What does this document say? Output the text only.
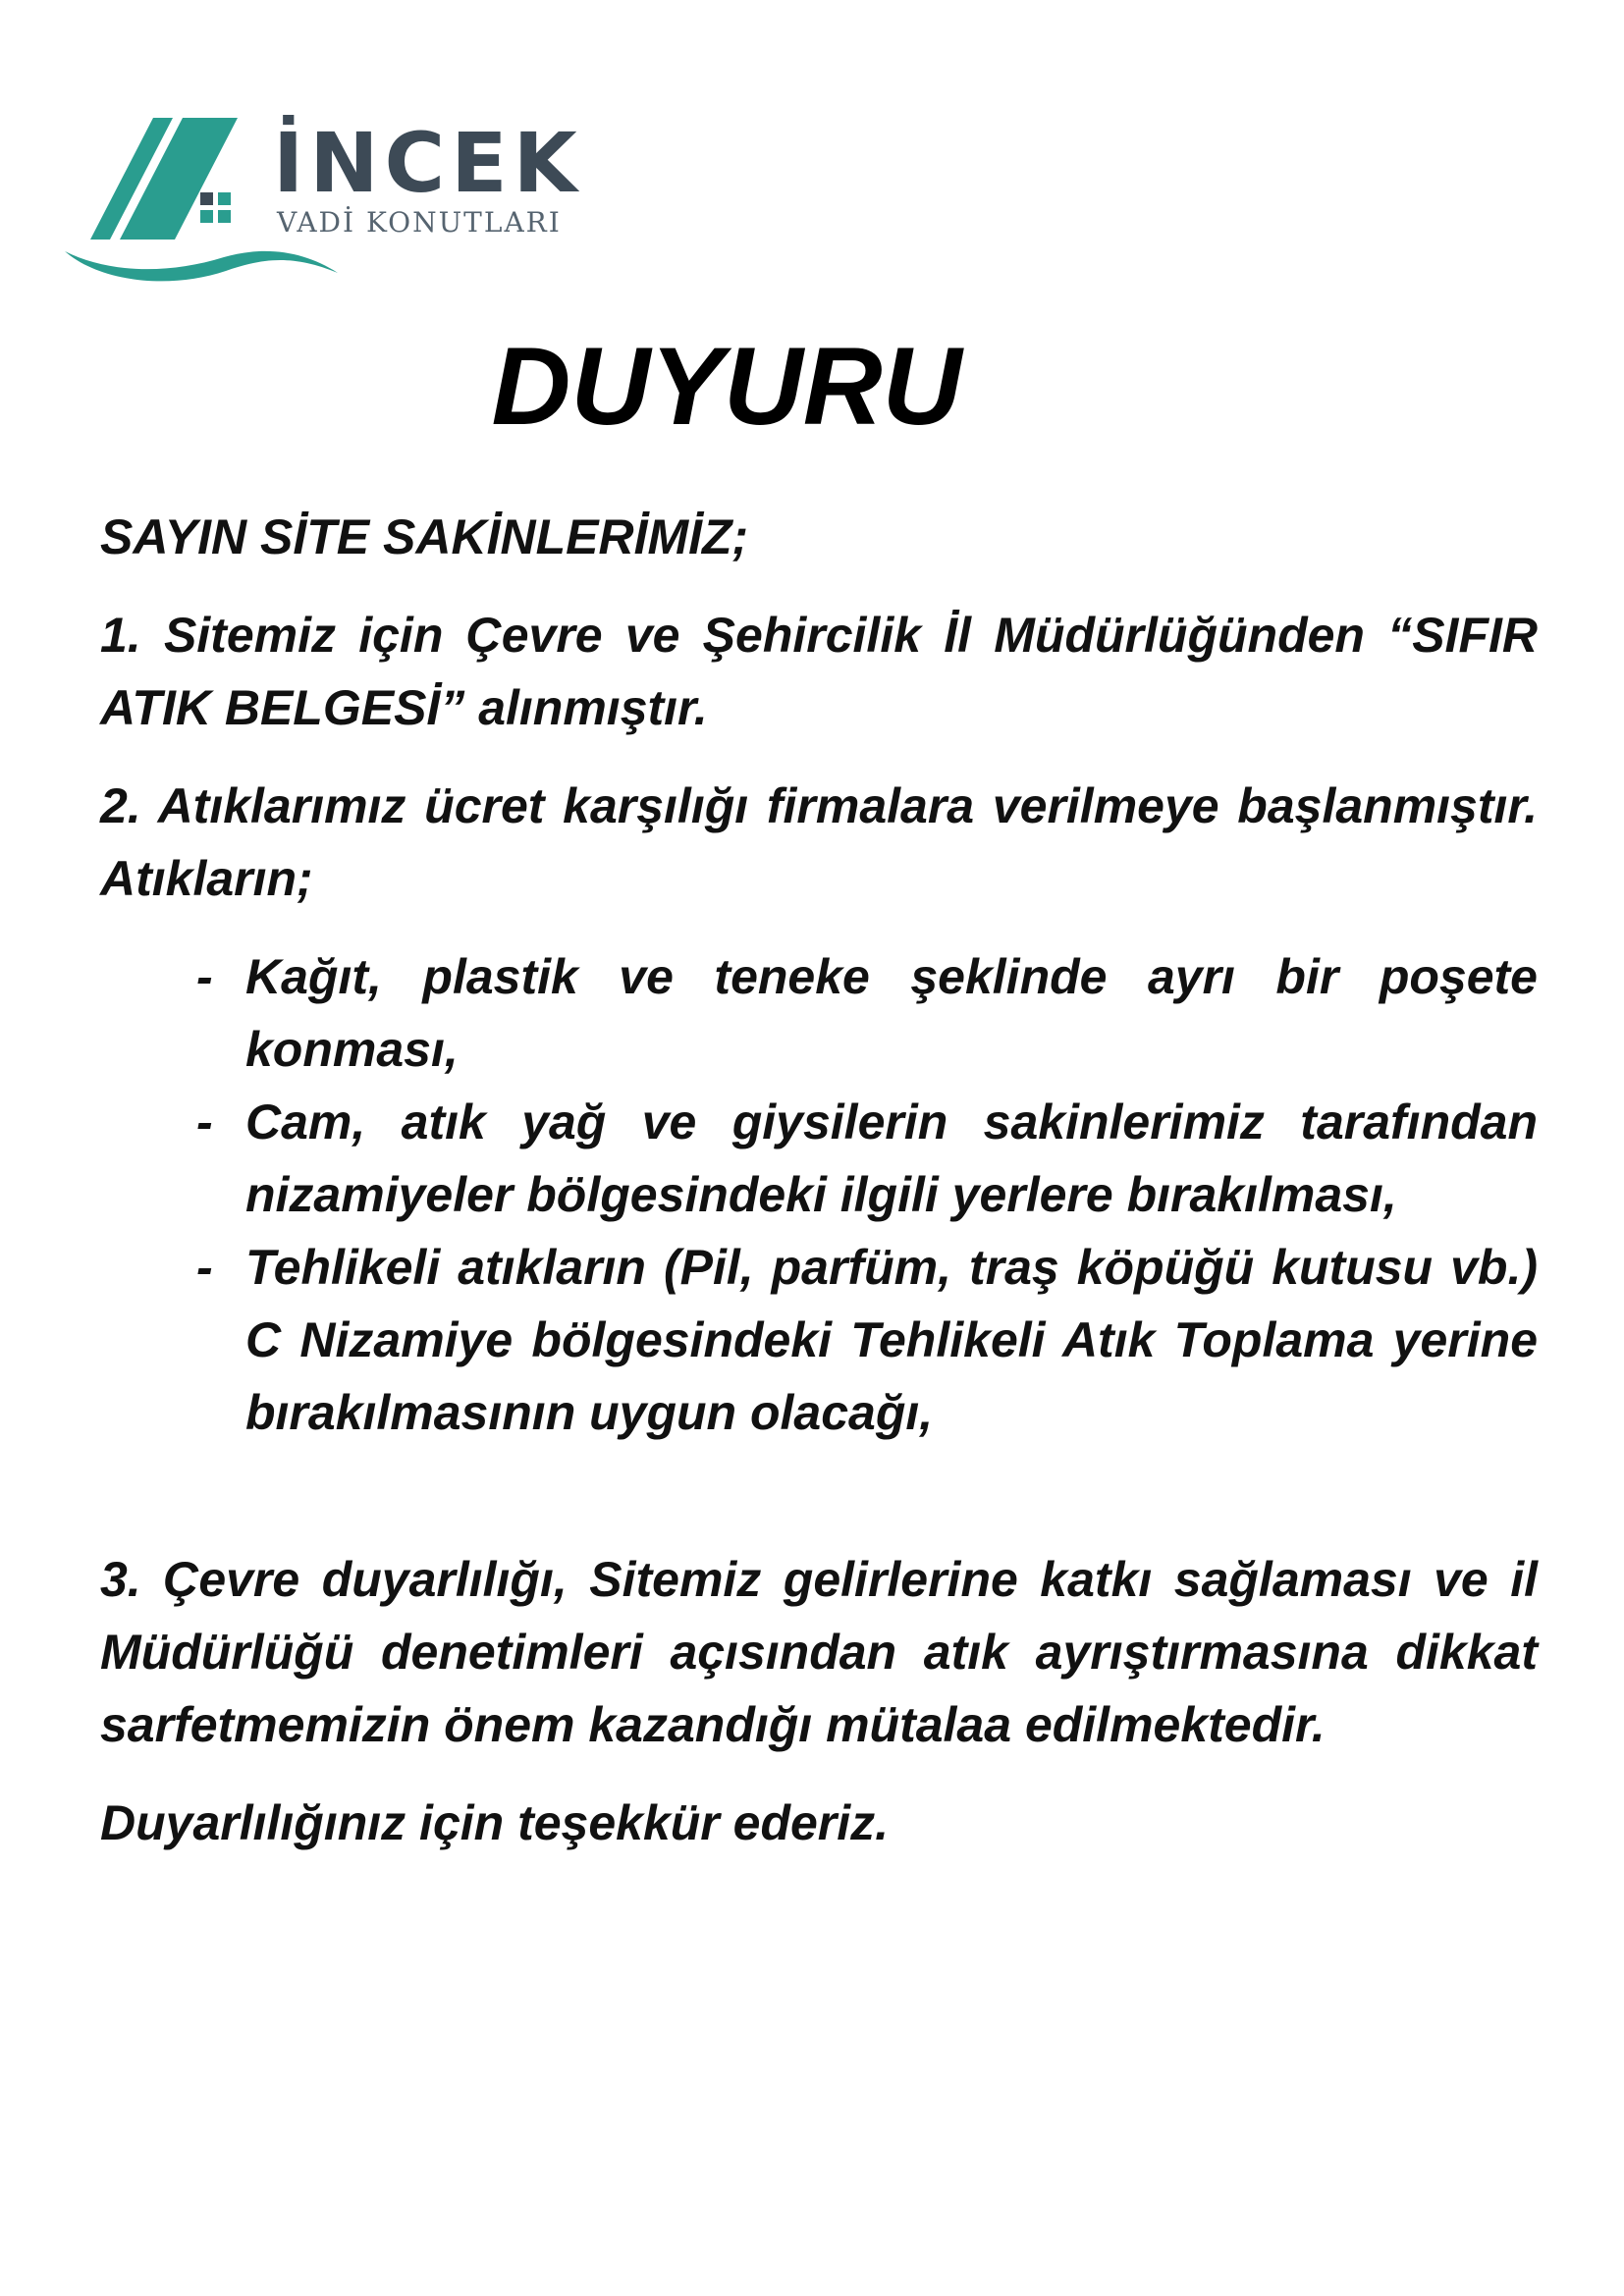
İNCEK
VADİ KONUTLARI
DUYURU

SAYIN SİTE SAKİNLERİMİZ;

1. Sitemiz için Çevre ve Şehircilik İl Müdürlüğünden “SIFIR ATIK BELGESİ” alınmıştır.

2. Atıklarımız ücret karşılığı firmalara verilmeye başlanmıştır. Atıkların;

- Kağıt, plastik ve teneke şeklinde ayrı bir poşete konması,
- Cam, atık yağ ve giysilerin sakinlerimiz tarafından nizamiyeler bölgesindeki ilgili yerlere bırakılması,
- Tehlikeli atıkların (Pil, parfüm, traş köpüğü kutusu vb.) C Nizamiye bölgesindeki Tehlikeli Atık Toplama yerine bırakılmasının uygun olacağı,

3. Çevre duyarlılığı, Sitemiz gelirlerine katkı sağlaması ve il Müdürlüğü denetimleri açısından atık ayrıştırmasına dikkat sarfetmemizin önem kazandığı mütalaa edilmektedir.

Duyarlılığınız için teşekkür ederiz.
